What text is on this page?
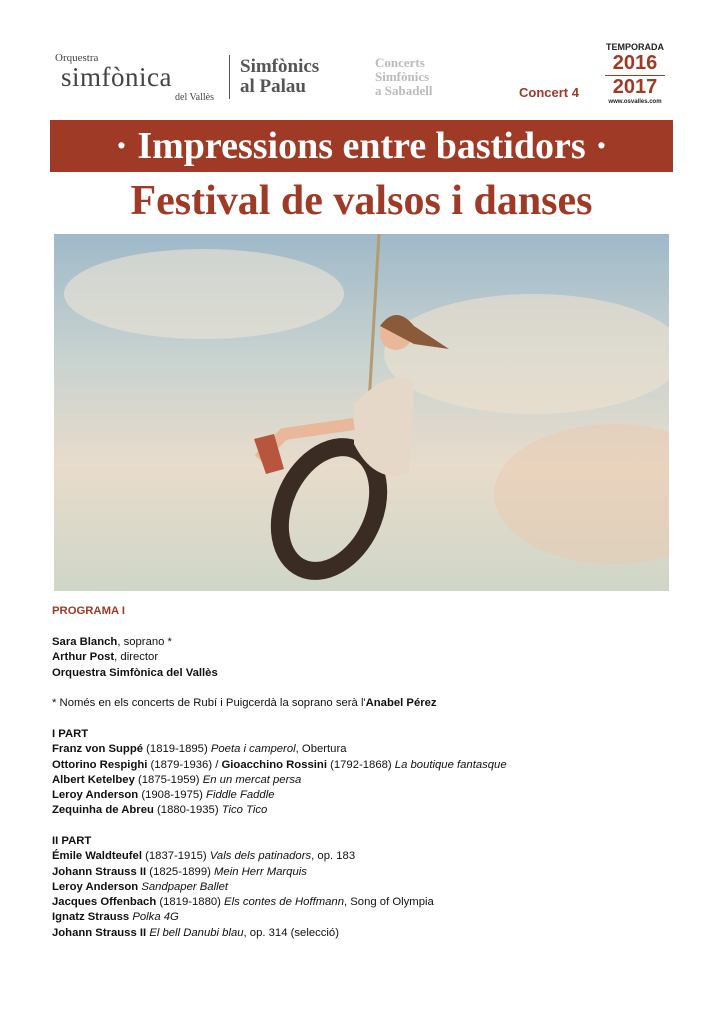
Orquestra
simfònica
del Vallès
Simfònics
al Palau
Concerts
Simfònics
a Sabadell	Concert 4
TEMPORADA
2016
2017
www.osvalles.com
· Impressions entre bastidors ·
Festival de valsos i danses
PROGRAMA I
Sara Blanch, soprano *
Arthur Post, director
Orquestra Simfònica del Vallès
* Només en els concerts de Rubí i Puigcerdà la soprano serà l'Anabel Pérez
I PART
Franz von Suppé (1819-1895) Poeta i camperol, Obertura
Ottorino Respighi (1879-1936) / Gioacchino Rossini (1792-1868) La boutique fantasque
Albert Ketelbey (1875-1959) En un mercat persa
Leroy Anderson (1908-1975) Fiddle Faddle
Zequinha de Abreu (1880-1935) Tico Tico
II PART
Émile Waldteufel (1837-1915) Vals dels patinadors, op. 183
Johann Strauss II (1825-1899) Mein Herr Marquis
Leroy Anderson Sandpaper Ballet
Jacques Offenbach (1819-1880) Els contes de Hoffmann, Song of Olympia
Ignatz Strauss Polka 4G
Johann Strauss II El bell Danubi blau, op. 314 (selecció)
